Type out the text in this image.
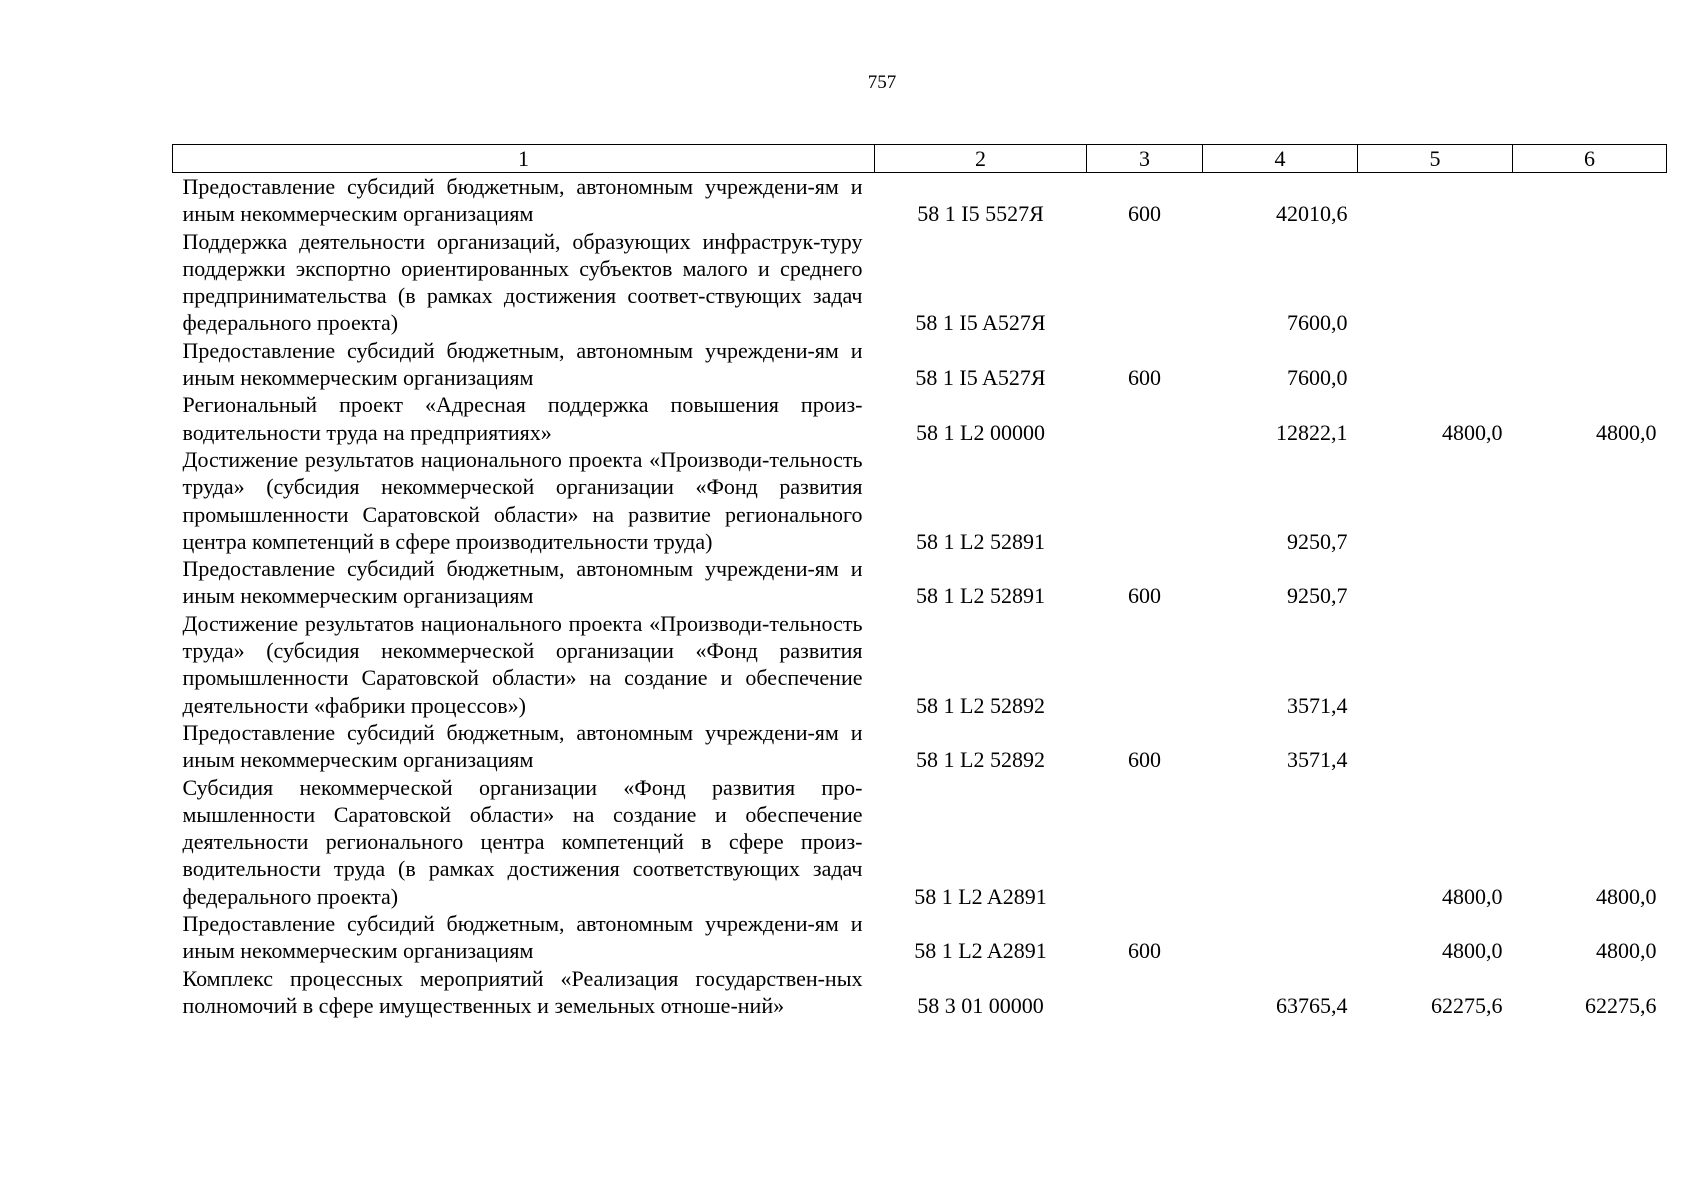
757
1	2	3	4	5	6
Предоставление субсидий бюджетным, автономным учреждени-ям и иным некоммерческим организациям	58 1 I5 5527Я	600	42010,6		
Поддержка деятельности организаций, образующих инфраструк-туру поддержки экспортно ориентированных субъектов малого и среднего предпринимательства (в рамках достижения соответ-ствующих задач федерального проекта)	58 1 I5 A527Я		7600,0		
Предоставление субсидий бюджетным, автономным учреждени-ям и иным некоммерческим организациям	58 1 I5 A527Я	600	7600,0		
Региональный проект «Адресная поддержка повышения произ-водительности труда на предприятиях»	58 1 L2 00000		12822,1	4800,0	4800,0
Достижение результатов национального проекта «Производи-тельность труда» (субсидия некоммерческой организации «Фонд развития промышленности Саратовской области» на развитие регионального центра компетенций в сфере производительности труда)	58 1 L2 52891		9250,7		
Предоставление субсидий бюджетным, автономным учреждени-ям и иным некоммерческим организациям	58 1 L2 52891	600	9250,7		
Достижение результатов национального проекта «Производи-тельность труда» (субсидия некоммерческой организации «Фонд развития промышленности Саратовской области» на создание и обеспечение деятельности «фабрики процессов»)	58 1 L2 52892		3571,4		
Предоставление субсидий бюджетным, автономным учреждени-ям и иным некоммерческим организациям	58 1 L2 52892	600	3571,4		
Субсидия некоммерческой организации «Фонд развития про-мышленности Саратовской области» на создание и обеспечение деятельности регионального центра компетенций в сфере произ-водительности труда (в рамках достижения соответствующих задач федерального проекта)	58 1 L2 A2891			4800,0	4800,0
Предоставление субсидий бюджетным, автономным учреждени-ям и иным некоммерческим организациям	58 1 L2 A2891	600		4800,0	4800,0
Комплекс процессных мероприятий «Реализация государствен-ных полномочий в сфере имущественных и земельных отноше-ний»	58 3 01 00000		63765,4	62275,6	62275,6
